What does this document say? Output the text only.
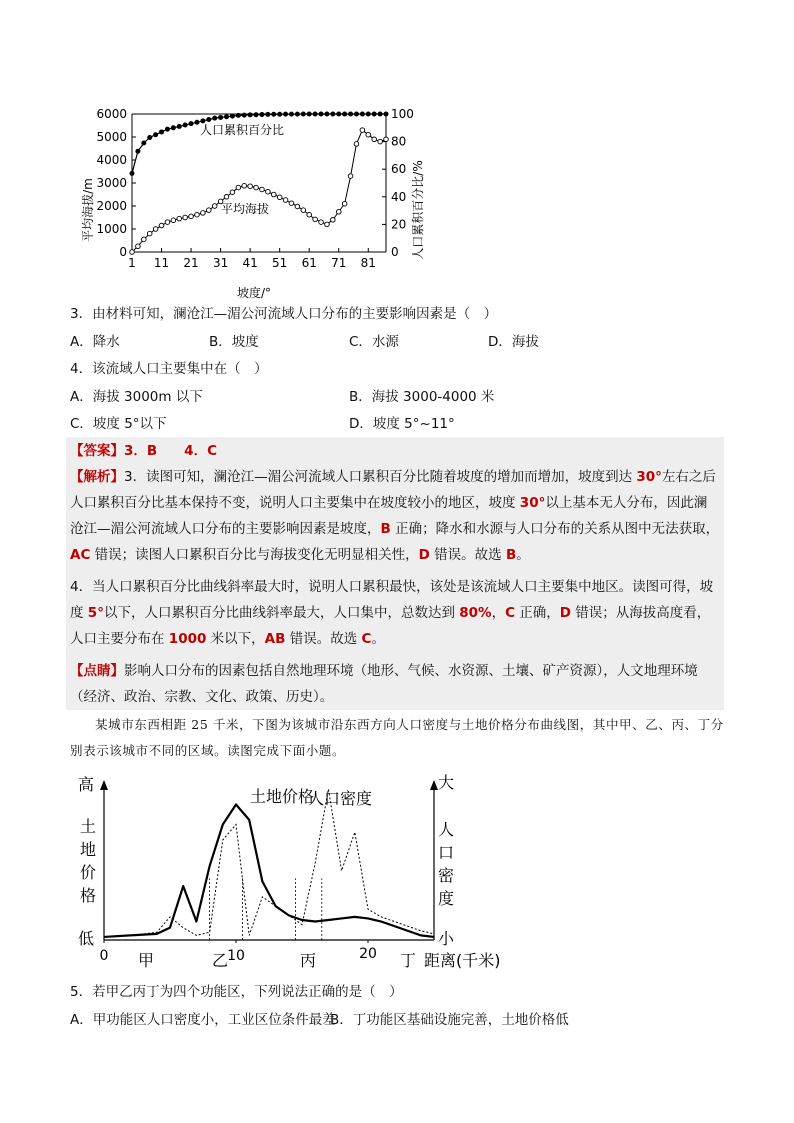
0
1000
2000
3000
4000
5000
6000
0
20
40
60
80
100
1 11 21 31 41 51 61 71 81
平均海拔/m	人口累积百分比/%
坡度/°
人口累积百分比
平均海拔
3．由材料可知，澜沧江—湄公河流域人口分布的主要影响因素是（　）
A．降水	B．坡度	C．水源	D．海拔
4．该流域人口主要集中在（　）
A．海拔 3000m 以下	B．海拔 3000-4000 米
C．坡度 5°以下	D．坡度 5°~11°
【答案】3．B　　4．C
【解析】3．读图可知，澜沧江—湄公河流域人口累积百分比随着坡度的增加而增加，坡度到达 30°左右之后人口累积百分比基本保持不变，说明人口主要集中在坡度较小的地区，坡度 30°以上基本无人分布，因此澜沧江—湄公河流域人口分布的主要影响因素是坡度，B 正确；降水和水源与人口分布的关系从图中无法获取，AC 错误；读图人口累积百分比与海拔变化无明显相关性，D 错误。故选 B。
4．当人口累积百分比曲线斜率最大时，说明人口累积最快，该处是该流域人口主要集中地区。读图可得，坡度 5°以下，人口累积百分比曲线斜率最大，人口集中，总数达到 80%，C 正确，D 错误；从海拔高度看，人口主要分布在 1000 米以下，AB 错误。故选 C。
【点睛】影响人口分布的因素包括自然地理环境（地形、气候、水资源、土壤、矿产资源），人文地理环境（经济、政治、宗教、文化、政策、历史）。
某城市东西相距 25 千米，下图为该城市沿东西方向人口密度与土地价格分布曲线图，其中甲、乙、丙、丁分别表示该城市不同的区域。读图完成下面小题。
高
低
土
地
价
格
大
小
人
口
密
度
土地价格
人口密度
0	10	20
甲	乙	丙	丁 距离(千米)
5．若甲乙丙丁为四个功能区，下列说法正确的是（　）
A．甲功能区人口密度小，工业区位条件最差
B．丁功能区基础设施完善，土地价格低
